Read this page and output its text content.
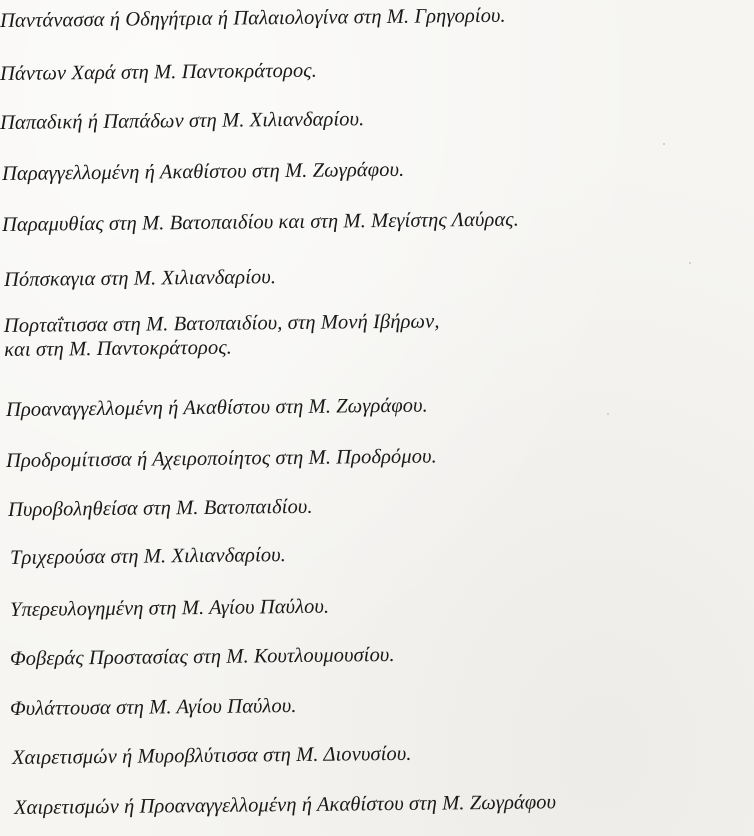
Παντάνασσα ή Οδηγήτρια ή Παλαιολογίνα στη Μ. Γρηγορίου.
Πάντων Χαρά στη Μ. Παντοκράτορος.
Παπαδική ή Παπάδων στη Μ. Χιλιανδαρίου.
Παραγγελλομένη ή Ακαθίστου στη Μ. Ζωγράφου.
Παραμυθίας στη Μ. Βατοπαιδίου και στη Μ. Μεγίστης Λαύρας.
Πόπσκαγια στη Μ. Χιλιανδαρίου.
Πορταΐτισσα στη Μ. Βατοπαιδίου, στη Μονή Ιβήρων,
και στη Μ. Παντοκράτορος.
Προαναγγελλομένη ή Ακαθίστου στη Μ. Ζωγράφου.
Προδρομίτισσα ή Αχειροποίητος στη Μ. Προδρόμου.
Πυροβοληθείσα στη Μ. Βατοπαιδίου.
Τριχερούσα στη Μ. Χιλιανδαρίου.
Υπερευλογημένη στη Μ. Αγίου Παύλου.
Φοβεράς Προστασίας στη Μ. Κουτλουμουσίου.
Φυλάττουσα στη Μ. Αγίου Παύλου.
Χαιρετισμών ή Μυροβλύτισσα στη Μ. Διονυσίου.
Χαιρετισμών ή Προαναγγελλομένη ή Ακαθίστου στη Μ. Ζωγράφου
